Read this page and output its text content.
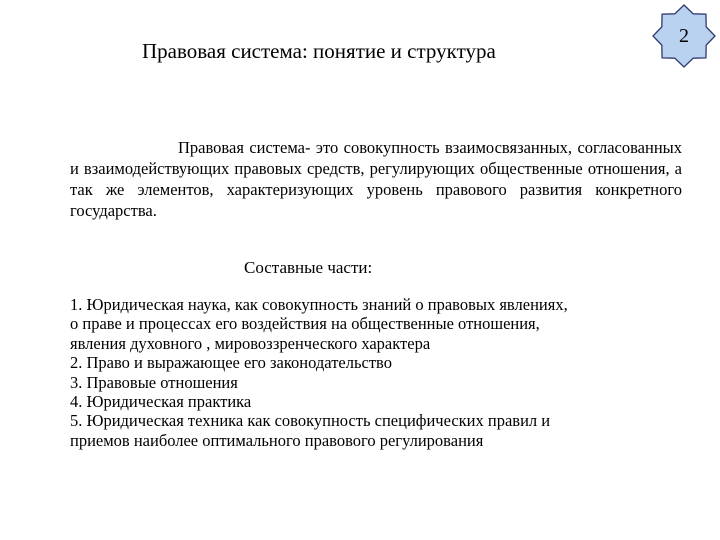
Правовая система: понятие и структура
2

Правовая система- это совокупность взаимосвязанных, согласованных и взаимодействующих правовых средств, регулирующих общественные отношения, а так же элементов, характеризующих уровень правового развития конкретного государства.

Составные части:
1. Юридическая наука, как совокупность знаний о правовых явлениях,
о праве и процессах его воздействия на общественные отношения,
явления духовного , мировоззренческого характера
2. Право и выражающее его законодательство
3. Правовые отношения
4. Юридическая практика
5. Юридическая техника как совокупность специфических правил и
приемов наиболее оптимального правового регулирования
